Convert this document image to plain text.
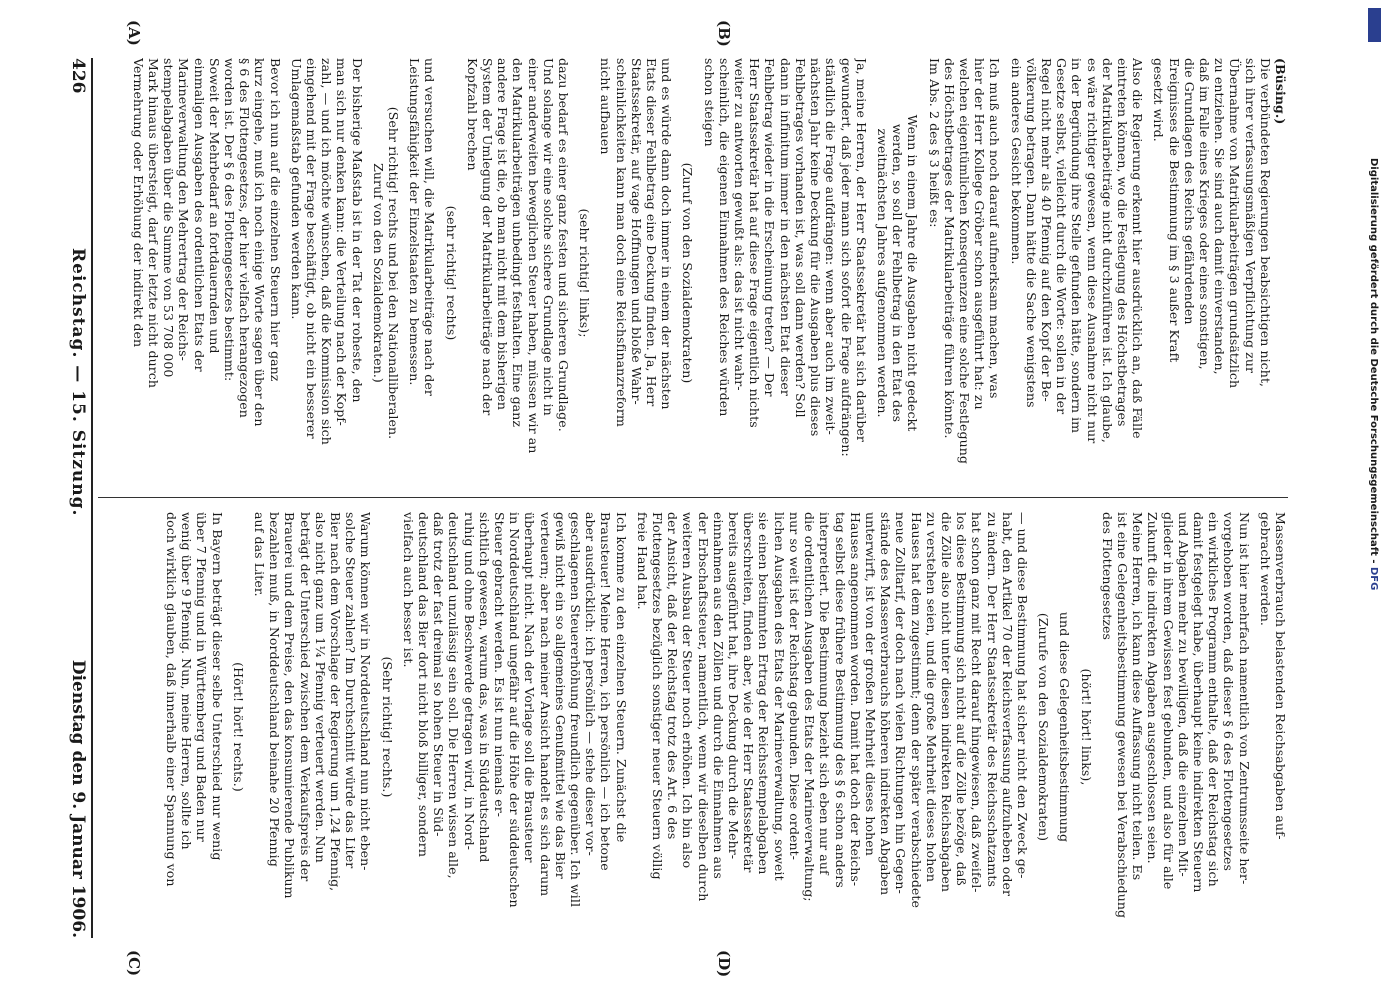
426
Reichstag. — 15. Sitzung.
Dienstag den 9. Januar 1906.
(Büsing.)
Die verbündeten Regierungen beabsichtigen nicht,
sich ihrer verfassungsmäßigen Verpflichtung zur
Übernahme von Matrikularbeiträgen grundsätzlich
zu entziehen. Sie sind auch damit einverstanden,
daß im Falle eines Krieges oder eines sonstigen,
die Grundlagen des Reichs gefährdenden
Ereignisses die Bestimmung im § 3 außer Kraft
gesetzt wird.
Also die Regierung erkennt hier ausdrücklich an, daß Fälle
eintreten können, wo die Festlegung des Höchstbetrages
der Matrikularbeiträge nicht durchzuführen ist. Ich glaube,
es wäre richtiger gewesen, wenn diese Ausnahme nicht nur
in der Begründung ihre Stelle gefunden hätte, sondern im
Gesetze selbst, vielleicht durch die Worte: sollen in der
Regel nicht mehr als 40 Pfennig auf den Kopf der Be-
völkerung betragen. Dann hätte die Sache wenigstens
ein anderes Gesicht bekommen.
Ich muß auch noch darauf aufmerksam machen, was
hier der Herr Kollege Gröber schon ausgeführt hat: zu
welchen eigentümlichen Konsequenzen eine solche Festlegung
des Höchstbetrages der Matrikularbeiträge führen könnte.
Im Abs. 2 des § 3 heißt es:
Wenn in einem Jahre die Ausgaben nicht gedeckt
werden, so soll der Fehlbetrag in den Etat des
zweitnächsten Jahres aufgenommen werden.
Ja, meine Herren, der Herr Staatssekretär hat sich darüber
gewundert, daß jeder mann sich sofort die Frage aufdrängen:
ständlich die Frage aufdrängen: wenn aber auch im zweit-
nächsten Jahr keine Deckung für die Ausgaben plus dieses
Fehlbetrages vorhanden ist, was soll dann werden? Soll
dann in infinitum immer in den nächsten Etat dieser
Fehlbetrag wieder in die Erscheinung treten? — Der
Herr Staatssekretär hat auf diese Frage eigentlich nichts
weiter zu antworten gewußt als: das ist nicht wahr-
scheinlich, die eigenen Einnahmen des Reiches würden
schon steigen
(Zuruf von den Sozialdemokraten)
und es würde dann doch immer in einem der nächsten
Etats dieser Fehlbetrag eine Deckung finden. Ja, Herr
Staatssekretär, auf vage Hoffnungen und bloße Wahr-
scheinlichkeiten kann man doch eine Reichsfinanzreform
nicht aufbauen
(sehr richtig! links);
dazu bedarf es einer ganz festen und sicheren Grundlage.
Und solange wir eine solche sichere Grundlage nicht in
einer anderweiten beweglichen Steuer haben, müssen wir an
den Matrikularbeiträgen unbedingt festhalten. Eine ganz
andere Frage ist die, ob man nicht mit dem bisherigen
System der Umlegung der Matrikularbeiträge nach der
Kopfzahl brechen
(sehr richtig! rechts)
und versuchen will, die Matrikularbeiträge nach der
Leistungsfähigkeit der Einzelstaaten zu bemessen.
(Sehr richtig! rechts und bei den Nationalliberalen.
Zuruf von den Sozialdemokraten.)
Der bisherige Maßstab ist in der Tat der roheste, den
man sich nur denken kann: die Verteilung nach der Kopf-
zahl, — und ich möchte wünschen, daß die Kommission sich
eingehend mit der Frage beschäftigt, ob nicht ein besserer
Umlagemaßstab gefunden werden kann.
Bevor ich nun auf die einzelnen Steuern hier ganz
kurz eingehe, muß ich noch einige Worte sagen über den
§ 6 des Flottengesetzes, der hier vielfach herangezogen
worden ist. Der § 6 des Flottengesetzes bestimmt:
Soweit der Mehrbedarf an fortdauernden und
einmaligen Ausgaben des ordentlichen Etats der
Marineverwaltung den Mehrertrag der Reichs-
stempelabgaben über die Summe von 53 708 000
Mark hinaus übersteigt, darf der letzte nicht durch
Vermehrung oder Erhöhung der indirekt den
Massenverbrauch belastenden Reichsabgaben auf-
gebracht werden.
Nun ist hier mehrfach namentlich von Zentrumsseite her-
vorgehoben worden, daß dieser § 6 des Flottengesetzes
ein wirkliches Programm enthalte, daß der Reichstag sich
damit festgelegt habe, überhaupt keine indirekten Steuern
und Abgaben mehr zu bewilligen, daß die einzelnen Mit-
glieder in ihrem Gewissen fest gebunden, und also für alle
Zukunft die indirekten Abgaben ausgeschlossen seien.
Meine Herren, ich kann diese Auffassung nicht teilen. Es
ist eine Gelegenheitsbestimmung gewesen bei Verabschiedung
des Flottengesetzes
(hört! hört! links),
und diese Gelegenheitsbestimmung
(Zurufe von den Sozialdemokraten)
— und diese Bestimmung hat sicher nicht den Zweck ge-
habt, den Artikel 70 der Reichsverfassung aufzuheben oder
zu ändern. Der Herr Staatssekretär des Reichsschatzamts
hat schon ganz mit Recht darauf hingewiesen, daß zweifel-
los diese Bestimmung sich nicht auf die Zölle bezöge, daß
die Zölle also nicht unter diesen indirekten Reichsabgaben
zu verstehen seien, und die große Mehrheit dieses hohen
Hauses hat dem zugestimmt; denn der später verabschiedete
neue Zolltarif, der doch nach vielen Richtungen hin Gegen-
stände des Massenverbrauchs höheren indirekten Abgaben
unterwirft, ist von der großen Mehrheit dieses hohen
Hauses angenommen worden. Damit hat doch der Reichs-
tag selbst diese frühere Bestimmung des § 6 schon anders
interpretiert. Die Bestimmung bezieht sich eben nur auf
die ordentlichen Ausgaben des Etats der Marineverwaltung;
nur so weit ist der Reichstag gebunden. Diese ordent-
lichen Ausgaben des Etats der Marineverwaltung, soweit
sie einen bestimmten Ertrag der Reichsstempelabgaben
überschreiten, finden aber, wie der Herr Staatssekretär
bereits ausgeführt hat, ihre Deckung durch die Mehr-
einnahmen aus den Zöllen und durch die Einnahmen aus
der Erbschaftssteuer, namentlich, wenn wir dieselben durch
weiteren Ausbau der Steuer noch erhöhen. Ich bin also
der Ansicht, daß der Reichstag trotz des Art. 6 des
Flottengesetzes bezüglich sonstiger neuer Steuern völlig
freie Hand hat.
Ich komme zu den einzelnen Steuern. Zunächst die
Brausteuer! Meine Herren, ich persönlich — ich betone
aber ausdrücklich: ich persönlich — stehe dieser vor-
geschlagenen Steuererhöhung freundlich gegenüber. Ich will
gewiß nicht ein so allgemeines Genußmittel wie das Bier
verteuern; aber nach meiner Ansicht handelt es sich darum
überhaupt nicht. Nach der Vorlage soll die Brausteuer
in Norddeutschland ungefähr auf die Höhe der süddeutschen
Steuer gebracht werden. Es ist nun niemals er-
sichtlich gewesen, warum das, was in Süddeutschland
ruhig und ohne Beschwerde getragen wird, in Nord-
deutschland unzulässig sein soll. Die Herren wissen alle,
daß trotz der fast dreimal so hohen Steuer in Süd-
deutschland das Bier dort nicht bloß billiger, sondern
vielfach auch besser ist.
(Sehr richtig! rechts.)
Warum können wir in Norddeutschland nun nicht eben-
solche Steuer zahlen? Im Durchschnitt würde das Liter
Bier nach dem Vorschlage der Regierung um 1,24 Pfennig,
also nicht ganz um 1¼ Pfennig verteuert werden. Nun
beträgt der Unterschied zwischen dem Verkaufspreis der
Brauerei und dem Preise, den das konsumierende Publikum
bezahlen muß, in Norddeutschland beinahe 20 Pfennig
auf das Liter.
(Hört! hört! rechts.)
In Bayern beträgt dieser selbe Unterschied nur wenig
über 7 Pfennig und in Württemberg und Baden nur
wenig über 9 Pfennig. Nun, meine Herren, sollte ich
doch wirklich glauben, daß innerhalb einer Spannung von
(A)	(B)
(C)	(D)
Digitalisierung gefördert durch die Deutsche Forschungsgemeinschaft - DFG
